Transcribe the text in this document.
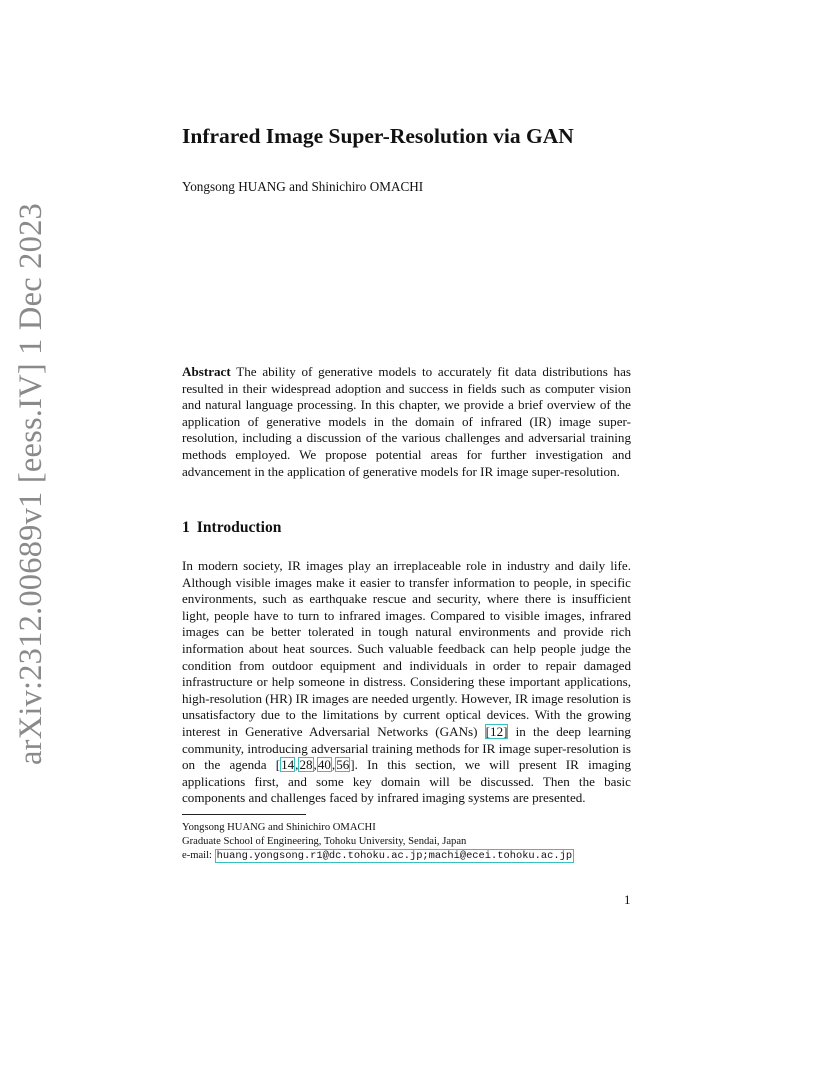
arXiv:2312.00689v1 [eess.IV] 1 Dec 2023
Infrared Image Super-Resolution via GAN
Yongsong HUANG and Shinichiro OMACHI

Abstract The ability of generative models to accurately fit data distributions has resulted in their widespread adoption and success in fields such as computer vision and natural language processing. In this chapter, we provide a brief overview of the application of generative models in the domain of infrared (IR) image super-resolution, including a discussion of the various challenges and adversarial training methods employed. We propose potential areas for further investigation and advancement in the application of generative models for IR image super-resolution.

1 Introduction

In modern society, IR images play an irreplaceable role in industry and daily life. Although visible images make it easier to transfer information to people, in specific environments, such as earthquake rescue and security, where there is insufficient light, people have to turn to infrared images. Compared to visible images, infrared images can be better tolerated in tough natural environments and provide rich information about heat sources. Such valuable feedback can help people judge the condition from outdoor equipment and individuals in order to repair damaged infrastructure or help someone in distress. Considering these important applications, high-resolution (HR) IR images are needed urgently. However, IR image resolution is unsatisfactory due to the limitations by current optical devices. With the growing interest in Generative Adversarial Networks (GANs) [12] in the deep learning community, introducing adversarial training methods for IR image super-resolution is on the agenda [14,28,40,56]. In this section, we will present IR imaging applications first, and some key domain will be discussed. Then the basic components and challenges faced by infrared imaging systems are presented.

Yongsong HUANG and Shinichiro OMACHI
Graduate School of Engineering, Tohoku University, Sendai, Japan
e-mail: huang.yongsong.r1@dc.tohoku.ac.jp;machi@ecei.tohoku.ac.jp
1
